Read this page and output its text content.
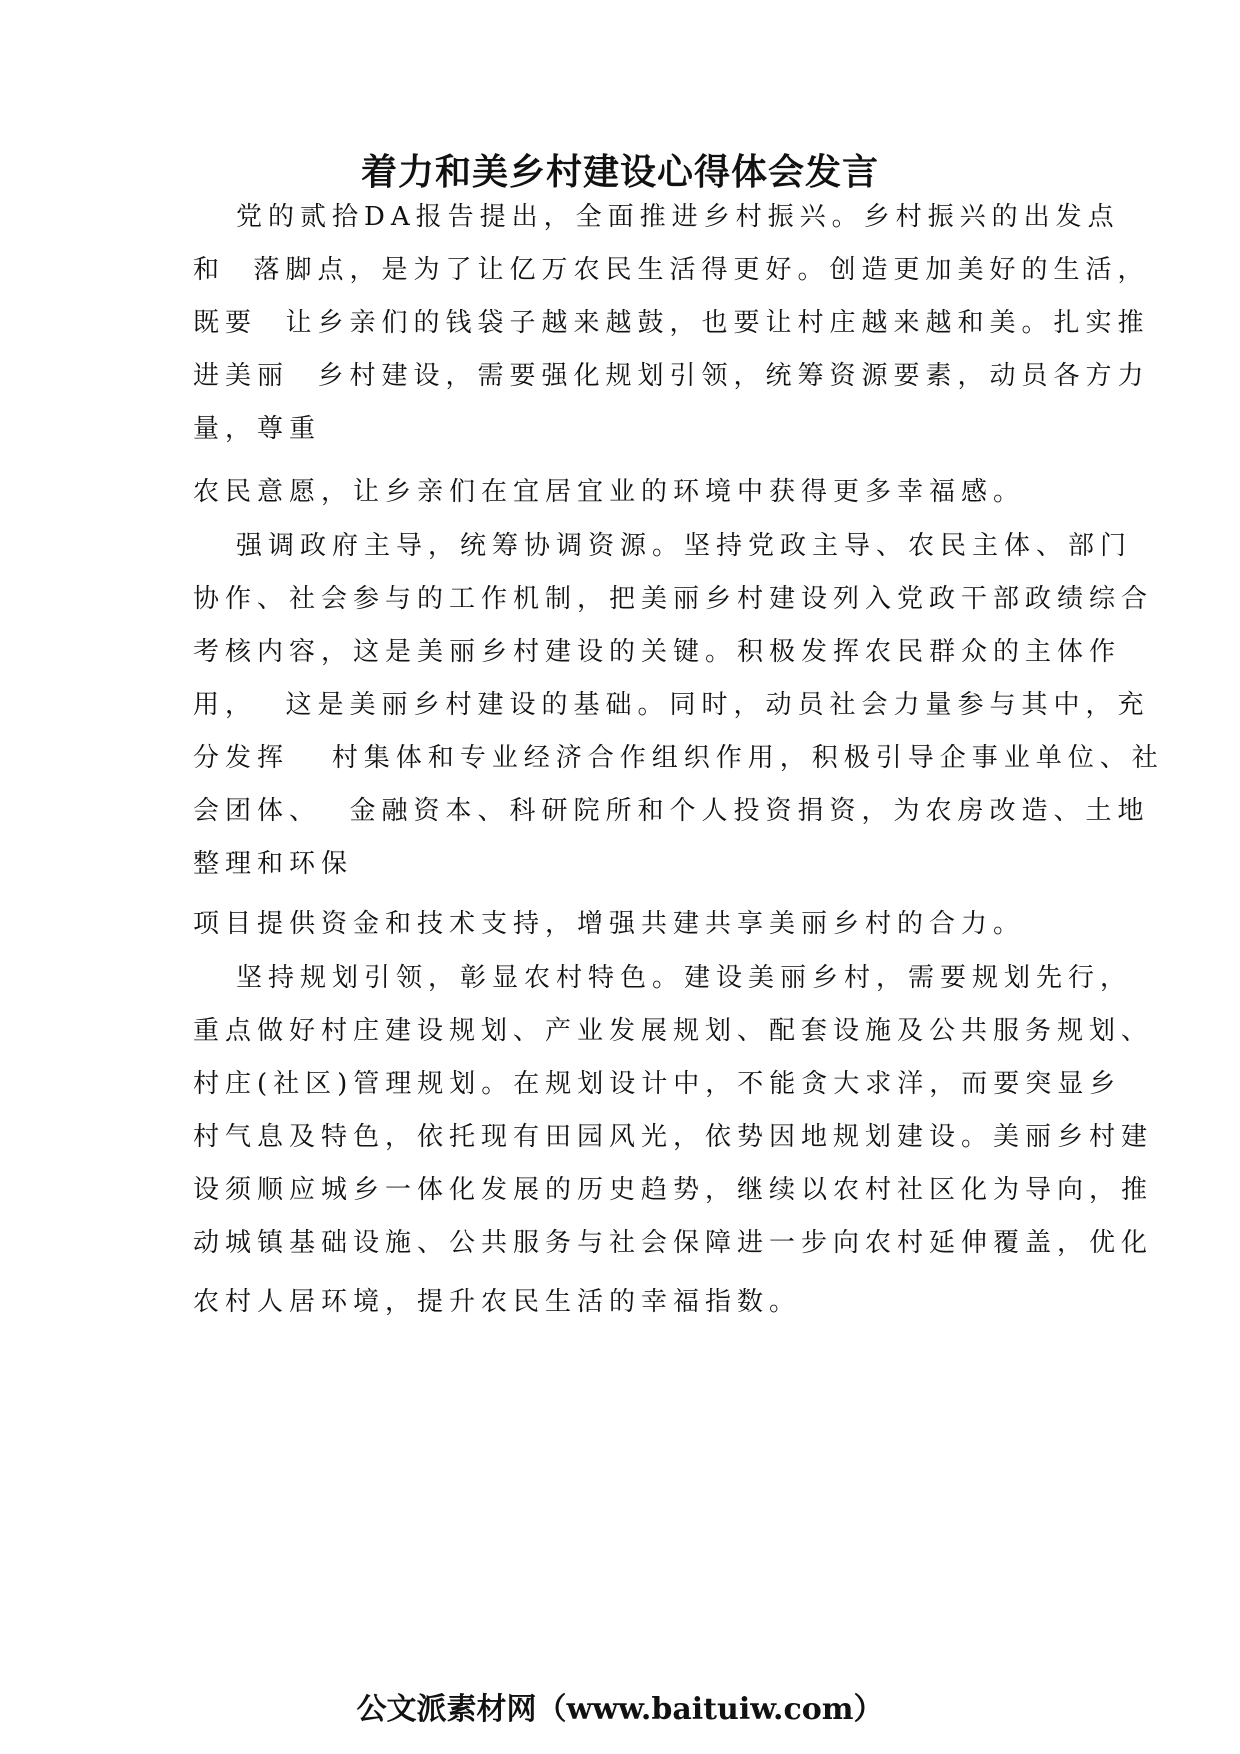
着力和美乡村建设心得体会发言
党的贰拾DA报告提出，全面推进乡村振兴。乡村振兴的出发点
和  落脚点，是为了让亿万农民生活得更好。创造更加美好的生活，
既要  让乡亲们的钱袋子越来越鼓，也要让村庄越来越和美。扎实推
进美丽  乡村建设，需要强化规划引领，统筹资源要素，动员各方力
量，尊重
农民意愿，让乡亲们在宜居宜业的环境中获得更多幸福感。
强调政府主导，统筹协调资源。坚持党政主导、农民主体、部门
协作、社会参与的工作机制，把美丽乡村建设列入党政干部政绩综合
考核内容，这是美丽乡村建设的关键。积极发挥农民群众的主体作
用，  这是美丽乡村建设的基础。同时，动员社会力量参与其中，充
分发挥   村集体和专业经济合作组织作用，积极引导企事业单位、社
会团体、  金融资本、科研院所和个人投资捐资，为农房改造、土地
整理和环保
项目提供资金和技术支持，增强共建共享美丽乡村的合力。
坚持规划引领，彰显农村特色。建设美丽乡村，需要规划先行，
重点做好村庄建设规划、产业发展规划、配套设施及公共服务规划、
村庄(社区)管理规划。在规划设计中，不能贪大求洋，而要突显乡
村气息及特色，依托现有田园风光，依势因地规划建设。美丽乡村建
设须顺应城乡一体化发展的历史趋势，继续以农村社区化为导向，推
动城镇基础设施、公共服务与社会保障进一步向农村延伸覆盖，优化
农村人居环境，提升农民生活的幸福指数。
公文派素材网（www.baituiw.com）
